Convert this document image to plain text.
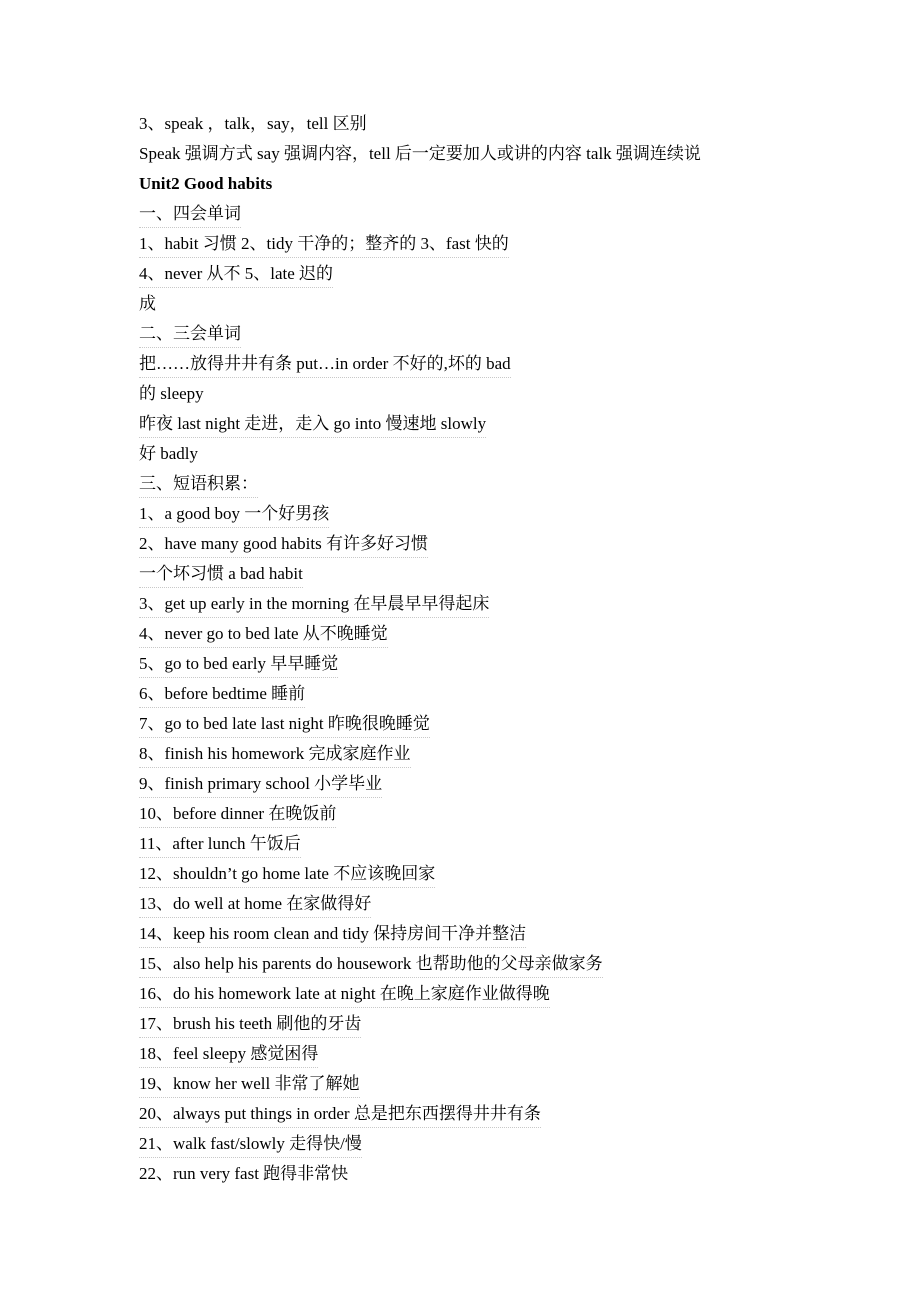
3、speak ，talk，say，tell 区别
Speak 强调方式 say 强调内容，tell 后一定要加人或讲的内容 talk 强调连续说
Unit2 Good habits
一、四会单词
1、habit 习惯 2、tidy 干净的；整齐的 3、fast 快的
4、never 从不 5、late 迟的
成
二、三会单词
把……放得井井有条 put…in order 不好的,坏的 bad
的 sleepy
昨夜 last night 走进，走入 go into 慢速地 slowly
好 badly
三、短语积累：
1、a good boy 一个好男孩
2、have many good habits 有许多好习惯
一个坏习惯 a bad habit
3、get up early in the morning 在早晨早早得起床
4、never go to bed late 从不晚睡觉
5、go to bed early 早早睡觉
6、before bedtime 睡前
7、go to bed late last night 昨晚很晚睡觉
8、finish his homework 完成家庭作业
9、finish primary school 小学毕业
10、before dinner 在晚饭前
11、after lunch 午饭后
12、shouldn’t go home late 不应该晚回家
13、do well at home 在家做得好
14、keep his room clean and tidy 保持房间干净并整洁
15、also help his parents do housework 也帮助他的父母亲做家务
16、do his homework late at night 在晚上家庭作业做得晚
17、brush his teeth 刷他的牙齿
18、feel sleepy 感觉困得
19、know her well 非常了解她
20、always put things in order 总是把东西摆得井井有条
21、walk fast/slowly 走得快/慢
22、run very fast 跑得非常快
